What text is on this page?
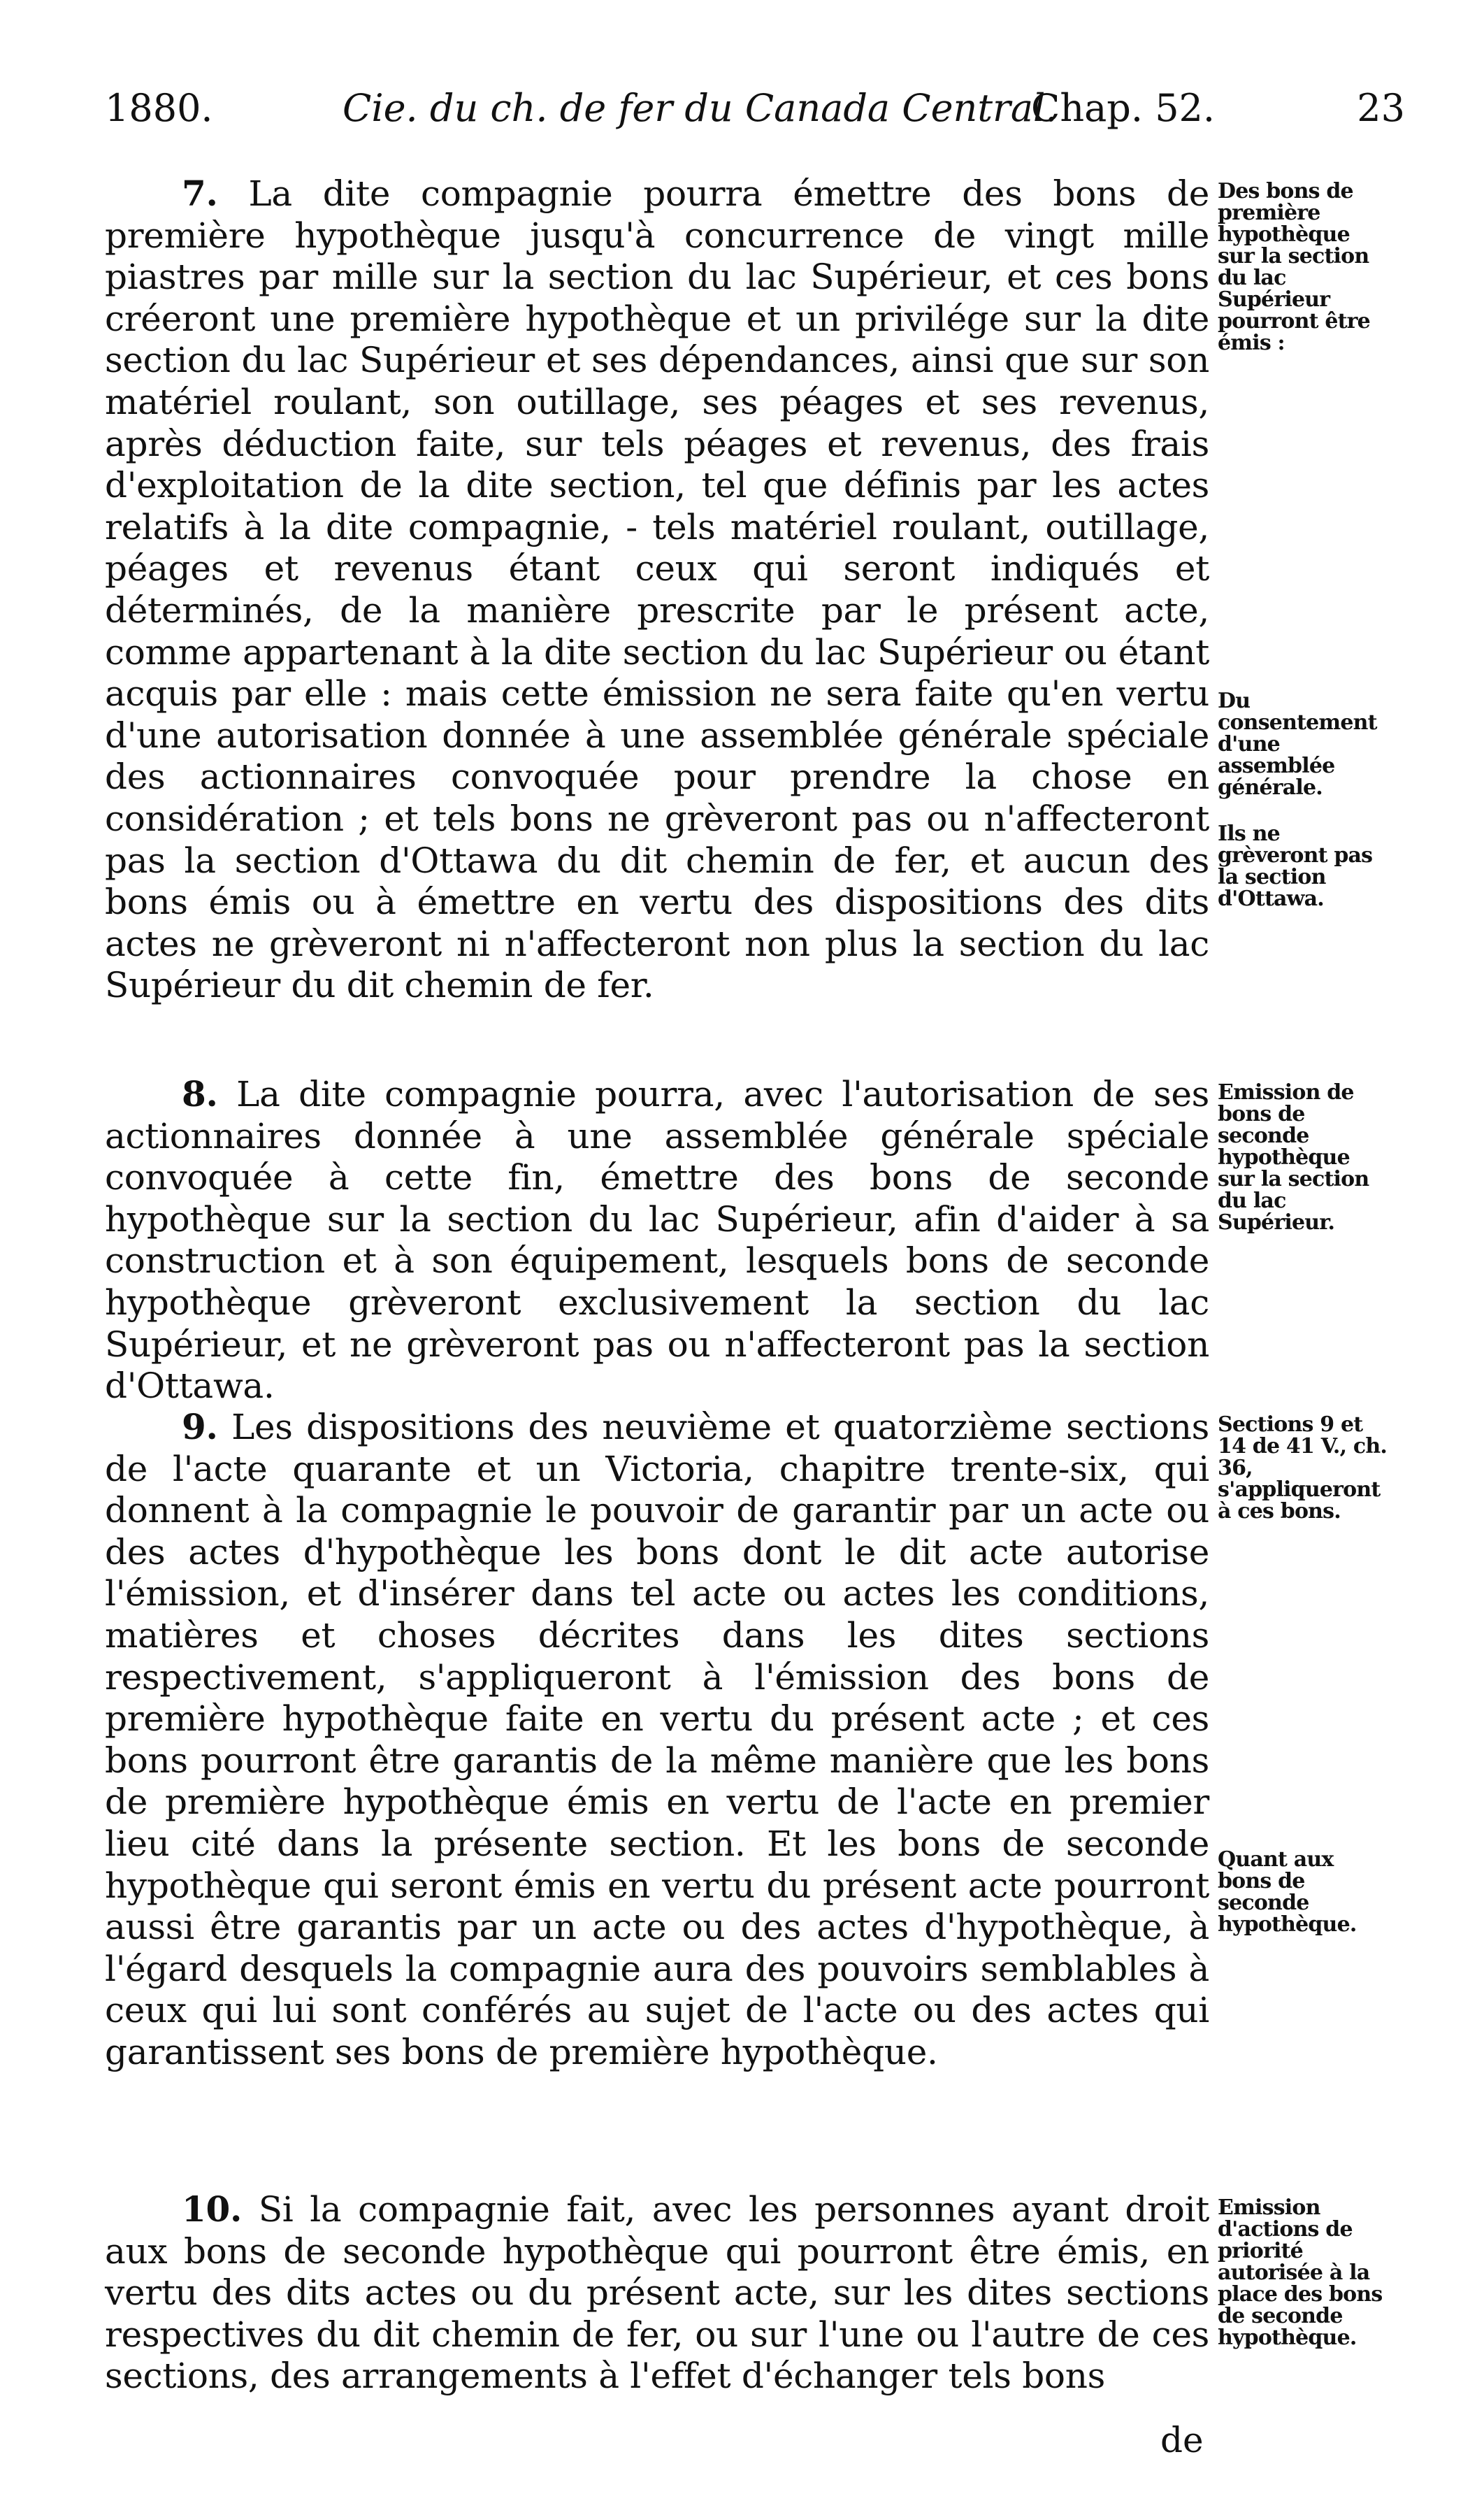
1880.	Cie. du ch. de fer du Canada Central.
Chap. 52.	23

7. La dite compagnie pourra émettre des bons de première hypothèque jusqu'à concurrence de vingt mille piastres par mille sur la section du lac Supérieur, et ces bons créeront une première hypothèque et un privilége sur la dite section du lac Supérieur et ses dépendances, ainsi que sur son matériel roulant, son outillage, ses péages et ses revenus, après déduction faite, sur tels péages et revenus, des frais d'exploitation de la dite section, tel que définis par les actes relatifs à la dite compagnie, - tels matériel roulant, outillage, péages et revenus étant ceux qui seront indiqués et déterminés, de la manière prescrite par le présent acte, comme appartenant à la dite section du lac Supérieur ou étant acquis par elle : mais cette émission ne sera faite qu'en vertu d'une autorisation donnée à une assemblée générale spéciale des actionnaires convoquée pour prendre la chose en considération ; et tels bons ne grèveront pas ou n'affecteront pas la section d'Ottawa du dit chemin de fer, et aucun des bons émis ou à émettre en vertu des dispositions des dits actes ne grèveront ni n'affecteront non plus la section du lac Supérieur du dit chemin de fer.

8. La dite compagnie pourra, avec l'autorisation de ses actionnaires donnée à une assemblée générale spéciale convoquée à cette fin, émettre des bons de seconde hypothèque sur la section du lac Supérieur, afin d'aider à sa construction et à son équipement, lesquels bons de seconde hypothèque grèveront exclusivement la section du lac Supérieur, et ne grèveront pas ou n'affecteront pas la section d'Ottawa.

9. Les dispositions des neuvième et quatorzième sections de l'acte quarante et un Victoria, chapitre trente-six, qui donnent à la compagnie le pouvoir de garantir par un acte ou des actes d'hypothèque les bons dont le dit acte autorise l'émission, et d'insérer dans tel acte ou actes les conditions, matières et choses décrites dans les dites sections respectivement, s'appliqueront à l'émission des bons de première hypothèque faite en vertu du présent acte ; et ces bons pourront être garantis de la même manière que les bons de première hypothèque émis en vertu de l'acte en premier lieu cité dans la présente section. Et les bons de seconde hypothèque qui seront émis en vertu du présent acte pourront aussi être garantis par un acte ou des actes d'hypothèque, à l'égard desquels la compagnie aura des pouvoirs semblables à ceux qui lui sont conférés au sujet de l'acte ou des actes qui garantissent ses bons de première hypothèque.

10. Si la compagnie fait, avec les personnes ayant droit aux bons de seconde hypothèque qui pourront être émis, en vertu des dits actes ou du présent acte, sur les dites sections respectives du dit chemin de fer, ou sur l'une ou l'autre de ces sections, des arrangements à l'effet d'échanger tels bons

Des bons de première hypothèque sur la section du lac Supérieur pourront être émis :
Du consentement d'une assemblée générale.
Ils ne grèveront pas la section d'Ottawa.
Emission de bons de seconde hypothèque sur la section du lac Supérieur.
Sections 9 et 14 de 41 V., ch. 36, s'appliqueront à ces bons.
Quant aux bons de seconde hypothèque.
Emission d'actions de priorité autorisée à la place des bons de seconde hypothèque.
de
